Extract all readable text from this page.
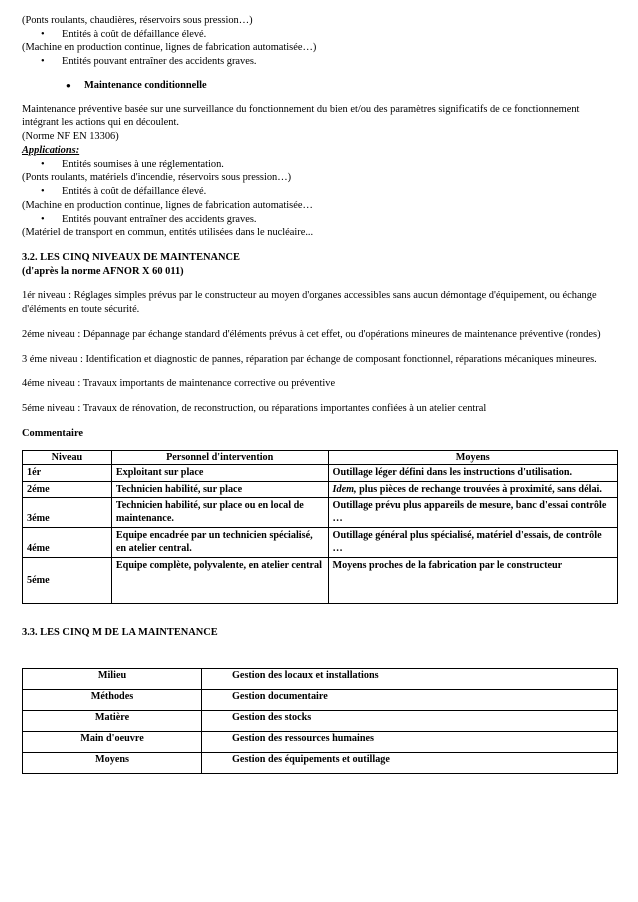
(Ponts roulants, chaudières, réservoirs sous pression…)

• Entités à coût de défaillance élevé.

(Machine en production continue, lignes de fabrication automatisée…)

• Entités pouvant entraîner des accidents graves.

● Maintenance conditionnelle

Maintenance préventive basée sur une surveillance du fonctionnement du bien et/ou des paramètres significatifs de ce fonctionnement intégrant les actions qui en découlent.

(Norme NF EN 13306)

Applications:

• Entités soumises à une réglementation.

(Ponts roulants, matériels d'incendie, réservoirs sous pression…)

• Entités à coût de défaillance élevé.

(Machine en production continue, lignes de fabrication automatisée…

• Entités pouvant entraîner des accidents graves.

(Matériel de transport en commun, entités utilisées dans le nucléaire...

3.2. LES CINQ NIVEAUX DE MAINTENANCE

(d'après la norme AFNOR X 60 011)

1ér niveau : Réglages simples prévus par le constructeur au moyen d'organes accessibles sans aucun démontage d'équipement, ou échange d'éléments en toute sécurité.

2éme niveau : Dépannage par échange standard d'éléments prévus à cet effet, ou d'opérations mineures de maintenance préventive (rondes)

3 éme niveau : Identification et diagnostic de pannes, réparation par échange de composant fonctionnel, réparations mécaniques mineures.

4éme niveau : Travaux importants de maintenance corrective ou préventive

5éme niveau : Travaux de rénovation, de reconstruction, ou réparations importantes confiées à un atelier central

Commentaire

Niveau	Personnel d'intervention	Moyens
1ér	Exploitant sur place	Outillage léger défini dans les instructions d'utilisation.
2éme	Technicien habilité, sur place	Idem, plus pièces de rechange trouvées à proximité, sans délai.
3éme	Technicien habilité, sur place ou en local de maintenance.	Outillage prévu plus appareils de mesure, banc d'essai contrôle …
4éme	Equipe encadrée par un technicien spécialisé, en atelier central.	Outillage général plus spécialisé, matériel d'essais, de contrôle …
5éme	Equipe complète, polyvalente, en atelier central	Moyens proches de la fabrication par le constructeur

3.3. LES CINQ M DE LA MAINTENANCE

Milieu	Gestion des locaux et installations
Méthodes	Gestion documentaire
Matière	Gestion des stocks
Main d'oeuvre	Gestion des ressources humaines
Moyens	Gestion des équipements et outillage
